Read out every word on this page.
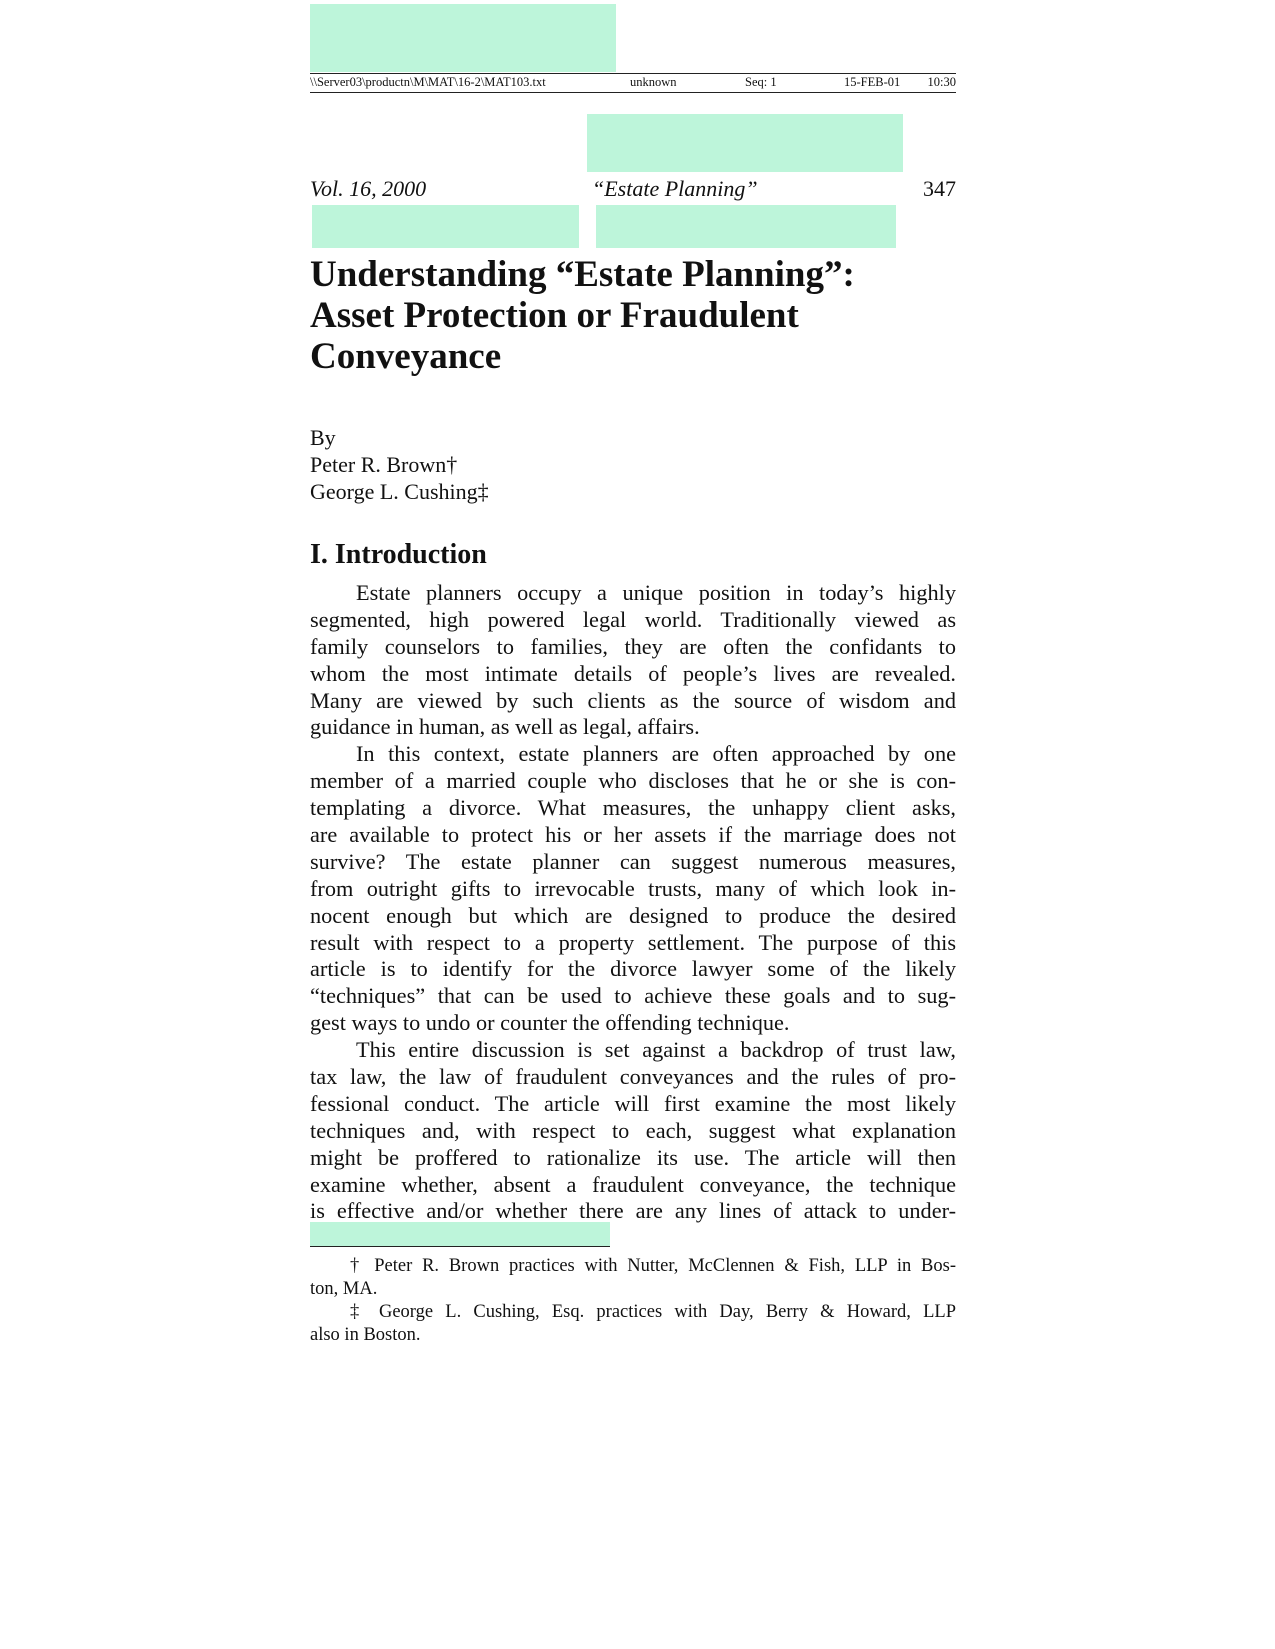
\\Server03\productn\M\MAT\16-2\MAT103.txt	unknown	Seq: 1	15-FEB-01 10:30
Vol. 16, 2000	“Estate Planning”	347
Understanding “Estate Planning”:
Asset Protection or Fraudulent
Conveyance
By
Peter R. Brown†
George L. Cushing‡
I. Introduction
Estate planners occupy a unique position in today’s highly
segmented, high powered legal world. Traditionally viewed as
family counselors to families, they are often the confidants to
whom the most intimate details of people’s lives are revealed.
Many are viewed by such clients as the source of wisdom and
guidance in human, as well as legal, affairs.
In this context, estate planners are often approached by one
member of a married couple who discloses that he or she is con-
templating a divorce. What measures, the unhappy client asks,
are available to protect his or her assets if the marriage does not
survive? The estate planner can suggest numerous measures,
from outright gifts to irrevocable trusts, many of which look in-
nocent enough but which are designed to produce the desired
result with respect to a property settlement. The purpose of this
article is to identify for the divorce lawyer some of the likely
“techniques” that can be used to achieve these goals and to sug-
gest ways to undo or counter the offending technique.
This entire discussion is set against a backdrop of trust law,
tax law, the law of fraudulent conveyances and the rules of pro-
fessional conduct. The article will first examine the most likely
techniques and, with respect to each, suggest what explanation
might be proffered to rationalize its use. The article will then
examine whether, absent a fraudulent conveyance, the technique
is effective and/or whether there are any lines of attack to under-
† Peter R. Brown practices with Nutter, McClennen & Fish, LLP in Bos-
ton, MA.
‡ George L. Cushing, Esq. practices with Day, Berry & Howard, LLP
also in Boston.
